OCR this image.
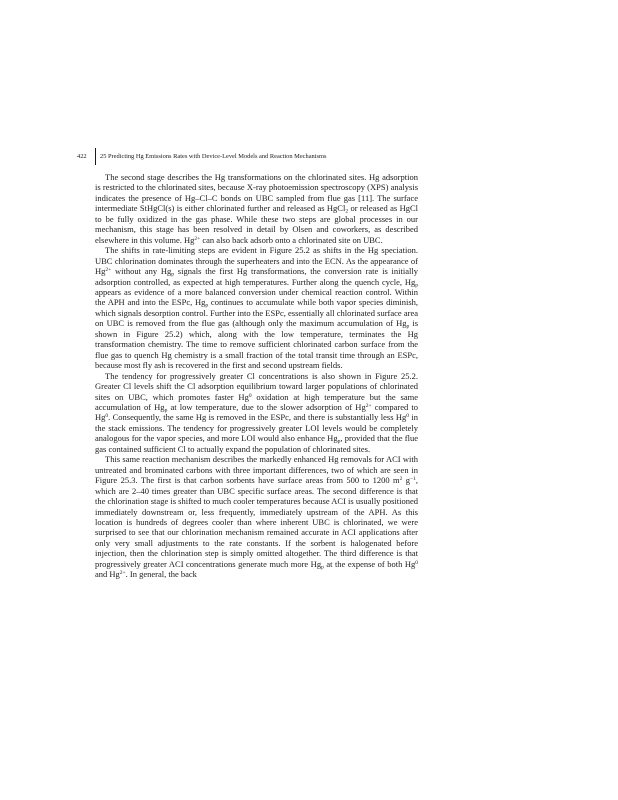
422	25 Predicting Hg Emissions Rates with Device-Level Models and Reaction Mechanisms

The second stage describes the Hg transformations on the chlorinated sites. Hg adsorption is restricted to the chlorinated sites, because X-ray photoemission spectroscopy (XPS) analysis indicates the presence of Hg–Cl–C bonds on UBC sampled from flue gas [11]. The surface intermediate StHgCl(s) is either chlorinated further and released as HgCl$_2$ or released as HgCl to be fully oxidized in the gas phase. While these two steps are global processes in our mechanism, this stage has been resolved in detail by Olsen and coworkers, as described elsewhere in this volume. $Hg^{2+}$ can also back adsorb onto a chlorinated site on UBC.

The shifts in rate-limiting steps are evident in Figure 25.2 as shifts in the Hg speciation. UBC chlorination dominates through the superheaters and into the ECN. As the appearance of $Hg^{2+}$ without any $Hg_p$ signals the first Hg transformations, the conversion rate is initially adsorption controlled, as expected at high temperatures. Further along the quench cycle, $Hg_p$ appears as evidence of a more balanced conversion under chemical reaction control. Within the APH and into the ESPc, $Hg_p$ continues to accumulate while both vapor species diminish, which signals desorption control. Further into the ESPc, essentially all chlorinated surface area on UBC is removed from the flue gas (although only the maximum accumulation of $Hg_p$ is shown in Figure 25.2) which, along with the low temperature, terminates the Hg transformation chemistry. The time to remove sufficient chlorinated carbon surface from the flue gas to quench Hg chemistry is a small fraction of the total transit time through an ESPc, because most fly ash is recovered in the first and second upstream fields.

The tendency for progressively greater Cl concentrations is also shown in Figure 25.2. Greater Cl levels shift the Cl adsorption equilibrium toward larger populations of chlorinated sites on UBC, which promotes faster Hg$^0$ oxidation at high temperature but the same accumulation of $Hg_p$ at low temperature, due to the slower adsorption of $Hg^{2+}$ compared to Hg$^0$. Consequently, the same Hg is removed in the ESPc, and there is substantially less Hg$^0$ in the stack emissions. The tendency for progressively greater LOI levels would be completely analogous for the vapor species, and more LOI would also enhance $Hg_p$, provided that the flue gas contained sufficient Cl to actually expand the population of chlorinated sites.

This same reaction mechanism describes the markedly enhanced Hg removals for ACI with untreated and brominated carbons with three important differences, two of which are seen in Figure 25.3. The first is that carbon sorbents have surface areas from 500 to 1200 $m^2$ $g^{-1}$, which are 2–40 times greater than UBC specific surface areas. The second difference is that the chlorination stage is shifted to much cooler temperatures because ACI is usually positioned immediately downstream or, less frequently, immediately upstream of the APH. As this location is hundreds of degrees cooler than where inherent UBC is chlorinated, we were surprised to see that our chlorination mechanism remained accurate in ACI applications after only very small adjustments to the rate constants. If the sorbent is halogenated before injection, then the chlorination step is simply omitted altogether. The third difference is that progressively greater ACI concentrations generate much more $Hg_p$ at the expense of both Hg$^0$ and $Hg^{2+}$. In general, the back
